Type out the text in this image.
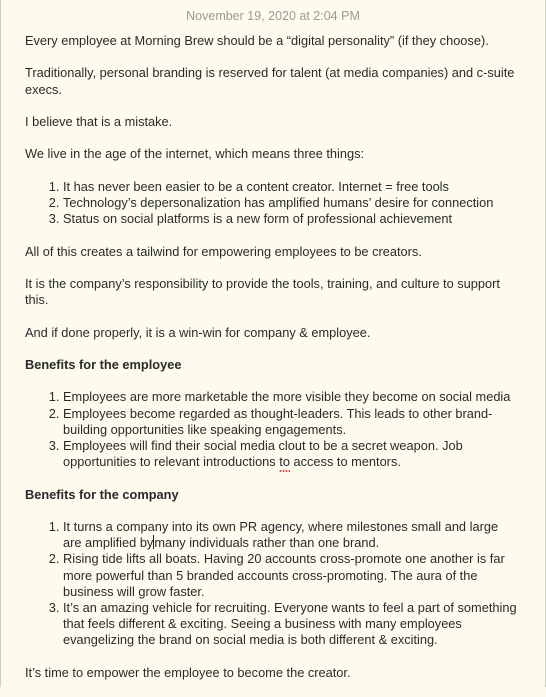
November 19, 2020 at 2:04 PM

Every employee at Morning Brew should be a “digital personality” (if they choose).

Traditionally, personal branding is reserved for talent (at media companies) and c-suite execs.

I believe that is a mistake.

We live in the age of the internet, which means three things:

1. It has never been easier to be a content creator. Internet = free tools
2. Technology’s depersonalization has amplified humans’ desire for connection
3. Status on social platforms is a new form of professional achievement

All of this creates a tailwind for empowering employees to be creators.

It is the company’s responsibility to provide the tools, training, and culture to support this.

And if done properly, it is a win-win for company & employee.

Benefits for the employee

1. Employees are more marketable the more visible they become on social media
2. Employees become regarded as thought-leaders. This leads to other brand-building opportunities like speaking engagements.
3. Employees will find their social media clout to be a secret weapon. Job opportunities to relevant introductions to access to mentors.

Benefits for the company

1. It turns a company into its own PR agency, where milestones small and large are amplified bymany individuals rather than one brand.
2. Rising tide lifts all boats. Having 20 accounts cross-promote one another is far more powerful than 5 branded accounts cross-promoting. The aura of the business will grow faster.
3. It’s an amazing vehicle for recruiting. Everyone wants to feel a part of something that feels different & exciting. Seeing a business with many employees evangelizing the brand on social media is both different & exciting.

It’s time to empower the employee to become the creator.
